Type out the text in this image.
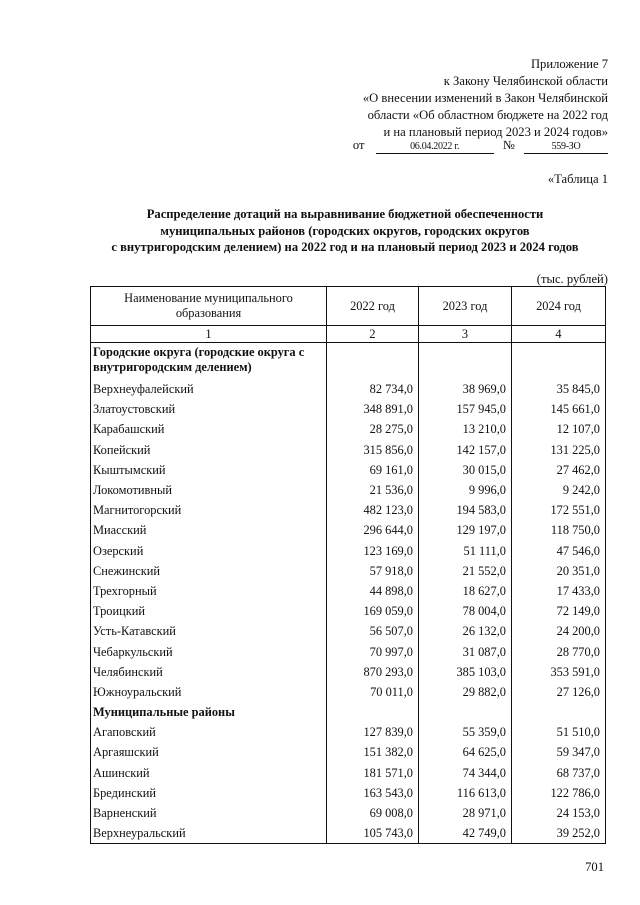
Приложение 7
к Закону Челябинской области
«О внесении изменений в Закон Челябинской
области «Об областном бюджете на 2022 год
и на плановый период 2023 и 2024 годов»
от	06.04.2022 г.	№	559-ЗО
«Таблица 1
Распределение дотаций на выравнивание бюджетной обеспеченности
муниципальных районов (городских округов, городских округов
с внутригородским делением) на 2022 год и на плановый период 2023 и 2024 годов
(тыс. рублей)
Наименование муниципального образования	2022 год	2023 год	2024 год
1	2	3	4
Городские округа (городские округа с внутригородским делением)			
Верхнеуфалейский	82 734,0	38 969,0	35 845,0
Златоустовский	348 891,0	157 945,0	145 661,0
Карабашский	28 275,0	13 210,0	12 107,0
Копейский	315 856,0	142 157,0	131 225,0
Кыштымский	69 161,0	30 015,0	27 462,0
Локомотивный	21 536,0	9 996,0	9 242,0
Магнитогорский	482 123,0	194 583,0	172 551,0
Миасский	296 644,0	129 197,0	118 750,0
Озерский	123 169,0	51 111,0	47 546,0
Снежинский	57 918,0	21 552,0	20 351,0
Трехгорный	44 898,0	18 627,0	17 433,0
Троицкий	169 059,0	78 004,0	72 149,0
Усть-Катавский	56 507,0	26 132,0	24 200,0
Чебаркульский	70 997,0	31 087,0	28 770,0
Челябинский	870 293,0	385 103,0	353 591,0
Южноуральский	70 011,0	29 882,0	27 126,0
Муниципальные районы			
Агаповский	127 839,0	55 359,0	51 510,0
Аргаяшский	151 382,0	64 625,0	59 347,0
Ашинский	181 571,0	74 344,0	68 737,0
Брединский	163 543,0	116 613,0	122 786,0
Варненский	69 008,0	28 971,0	24 153,0
Верхнеуральский	105 743,0	42 749,0	39 252,0
701
